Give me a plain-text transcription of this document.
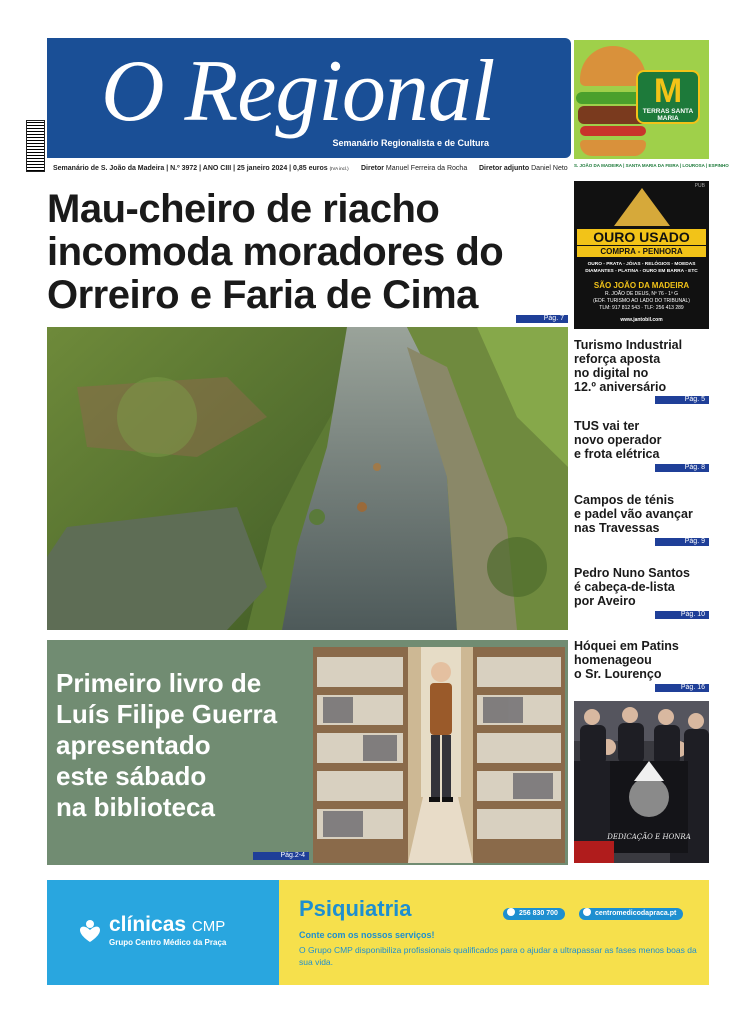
O Regional
Semanário Regionalista e de Cultura
Semanário de S. João da Madeira | N.º 3972 | ANO CIII | 25 janeiro 2024 | 0,85 euros (IVA incl.) Diretor Manuel Ferreira da Rocha Diretor adjunto Daniel Neto
M
TERRAS SANTA MARIA
S. JOÃO DA MADEIRA | SANTA MARIA DA FEIRA | LOUROSA | ESPINHO
PUB
OURO USADO
COMPRA - PENHORA
OURO - PRATA - JÓIAS - RELÓGIOS - MOEDAS
DIAMANTES - PLATINA - OURO EM BARRA - ETC
SÃO JOÃO DA MADEIRA
R. JOÃO DE DEUS, Nº 76 - 1º G
(EDF. TURISMO AO LADO DO TRIBUNAL)
TLM: 917 812 543 · TLF: 256 413 289
www.jantobil.com
Mau-cheiro de riacho
incomoda moradores do
Orreiro e Faria de Cima
Pág. 7
Turismo Industrial
reforça aposta
no digital no
12.º aniversário
Pág. 5
TUS vai ter
novo operador
e frota elétrica
Pág. 8
Campos de ténis
e padel vão avançar
nas Travessas
Pág. 9
Pedro Nuno Santos
é cabeça-de-lista
por Aveiro
Pág. 10
Hóquei em Patins
homenageou
o Sr. Lourenço
Pág. 16
Primeiro livro de
Luís Filipe Guerra
apresentado
este sábado
na biblioteca
Pág.2-4
DEDICAÇÃO E HONRA
clínicas CMP
Grupo Centro Médico da Praça
Psiquiatria
Conte com os nossos serviços!
O Grupo CMP disponibiliza profissionais qualificados para o ajudar a ultrapassar as fases menos boas da sua vida.
256 830 700	centromedicodapraca.pt
